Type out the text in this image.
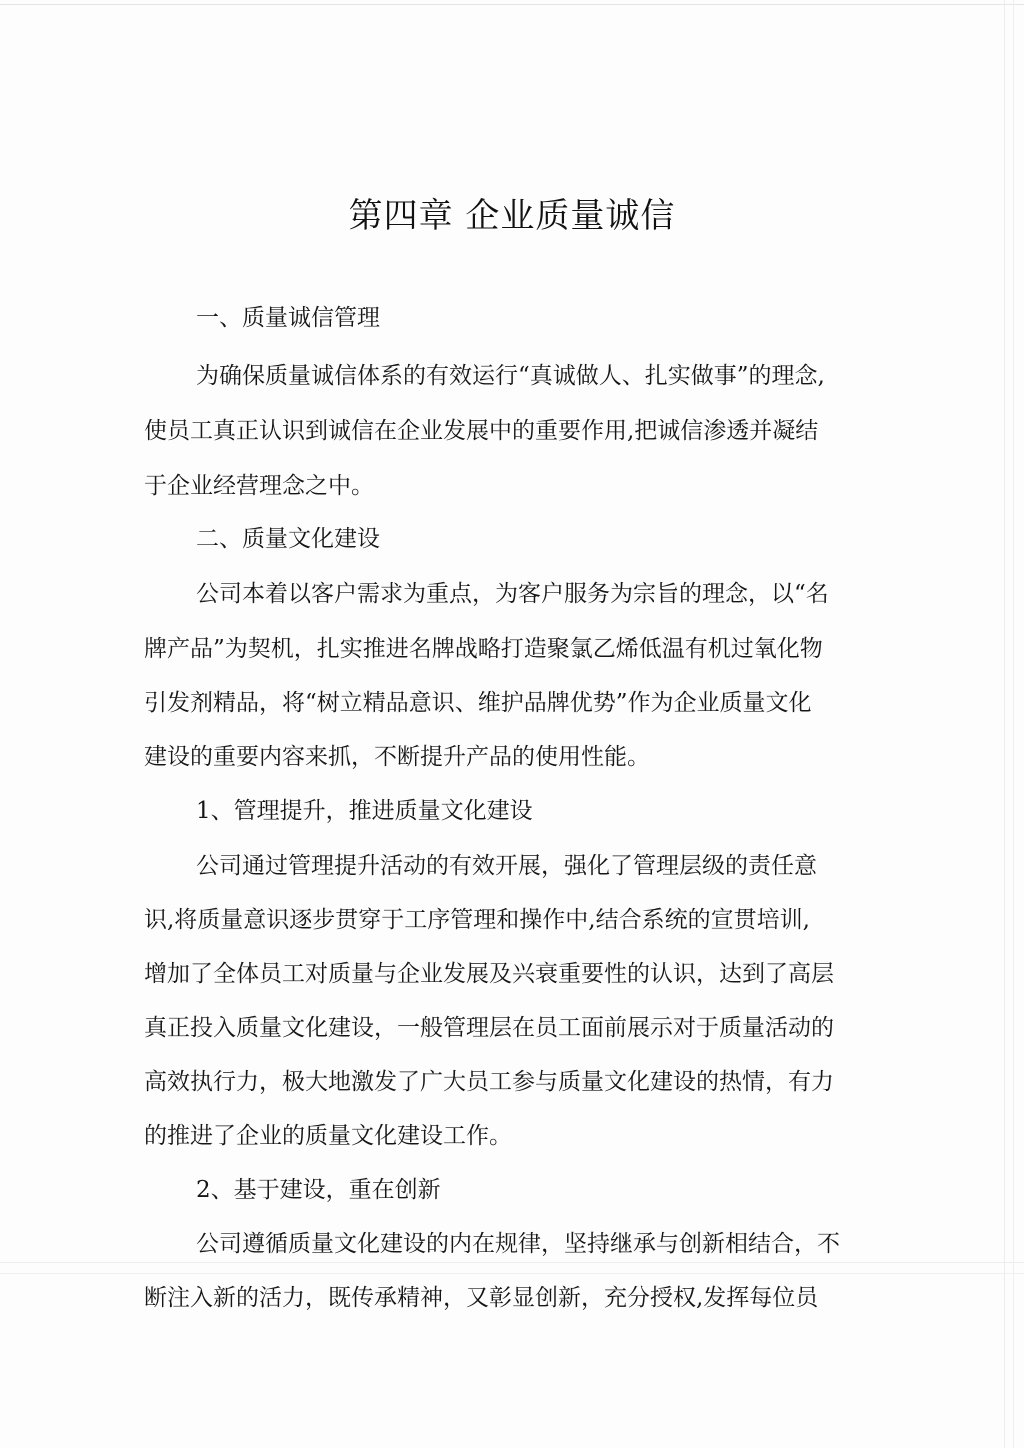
第四章 企业质量诚信

一、质量诚信管理

为确保质量诚信体系的有效运行“真诚做人、扎实做事”的理念,

使员工真正认识到诚信在企业发展中的重要作用,把诚信渗透并凝结

于企业经营理念之中。

二、质量文化建设

公司本着以客户需求为重点，为客户服务为宗旨的理念，以“名

牌产品”为契机，扎实推进名牌战略打造聚氯乙烯低温有机过氧化物

引发剂精品，将“树立精品意识、维护品牌优势”作为企业质量文化

建设的重要内容来抓，不断提升产品的使用性能。

1、管理提升，推进质量文化建设

公司通过管理提升活动的有效开展，强化了管理层级的责任意

识,将质量意识逐步贯穿于工序管理和操作中,结合系统的宣贯培训,

增加了全体员工对质量与企业发展及兴衰重要性的认识，达到了高层

真正投入质量文化建设，一般管理层在员工面前展示对于质量活动的

高效执行力，极大地激发了广大员工参与质量文化建设的热情，有力

的推进了企业的质量文化建设工作。

2、基于建设，重在创新

公司遵循质量文化建设的内在规律，坚持继承与创新相结合，不

断注入新的活力，既传承精神，又彰显创新，充分授权,发挥每位员
